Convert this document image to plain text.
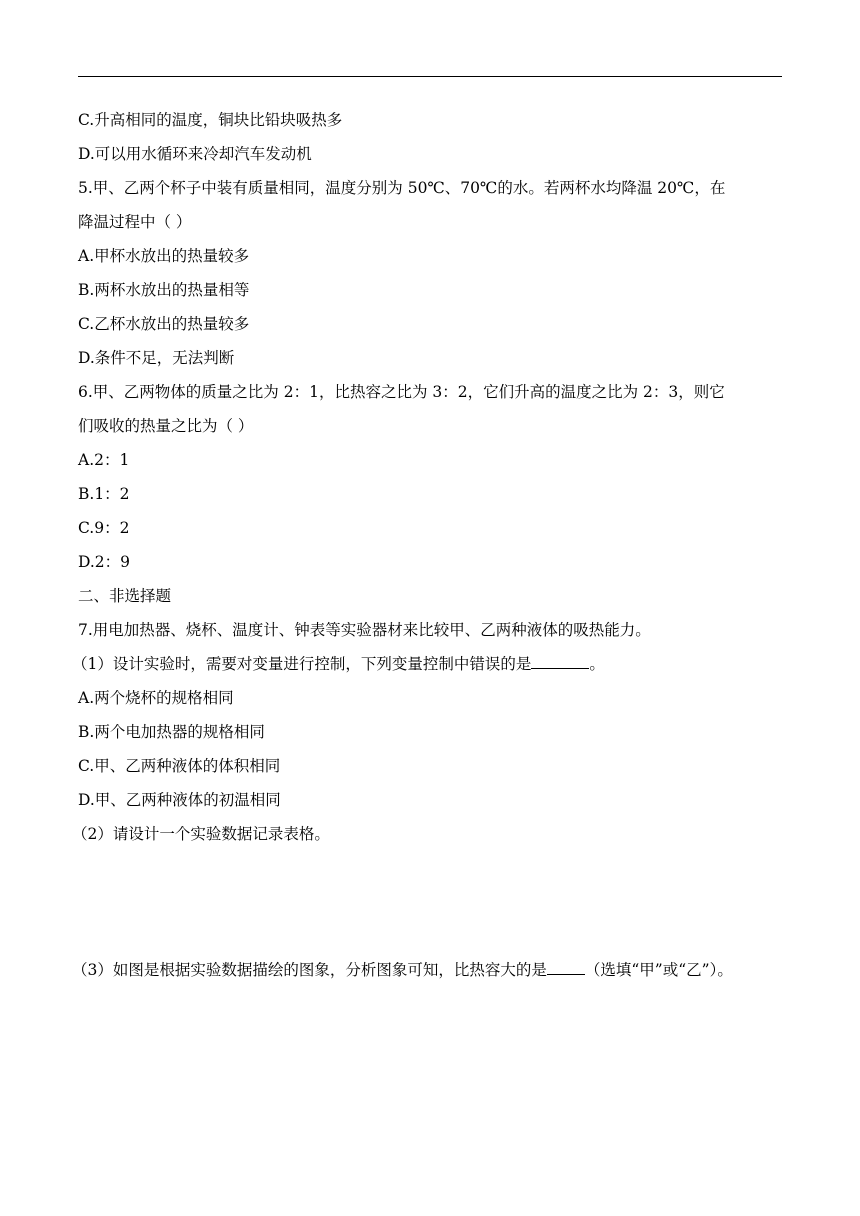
C.升高相同的温度，铜块比铅块吸热多
D.可以用水循环来冷却汽车发动机
5.甲、乙两个杯子中装有质量相同，温度分别为 50℃、70℃的水。若两杯水均降温 20℃，在
降温过程中（ ）
A.甲杯水放出的热量较多
B.两杯水放出的热量相等
C.乙杯水放出的热量较多
D.条件不足，无法判断
6.甲、乙两物体的质量之比为 2：1，比热容之比为 3：2，它们升高的温度之比为 2：3，则它
们吸收的热量之比为（ ）
A.2：1
B.1：2
C.9：2
D.2：9
二、非选择题
7.用电加热器、烧杯、温度计、钟表等实验器材来比较甲、乙两种液体的吸热能力。
（1）设计实验时，需要对变量进行控制，下列变量控制中错误的是	。
A.两个烧杯的规格相同
B.两个电加热器的规格相同
C.甲、乙两种液体的体积相同
D.甲、乙两种液体的初温相同
（2）请设计一个实验数据记录表格。
（3）如图是根据实验数据描绘的图象，分析图象可知，比热容大的是 （选填“甲”或“乙”）。
